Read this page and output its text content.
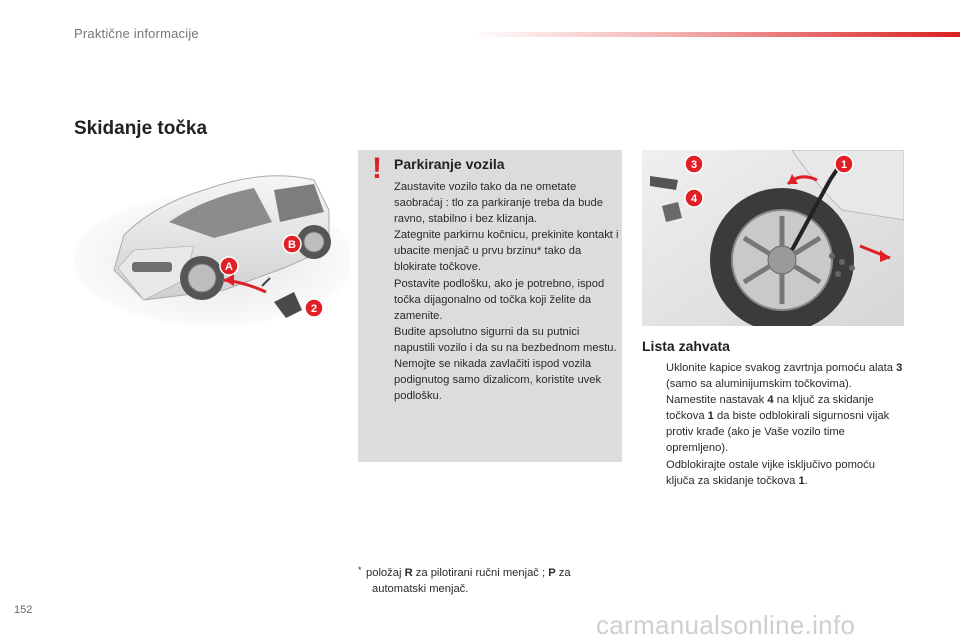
Praktične informacije
Skidanje točka
A
B
2
! Parkiranje vozila

Zaustavite vozilo tako da ne ometate saobraćaj : tlo za parkiranje treba da bude ravno, stabilno i bez klizanja.

Zategnite parkirnu kočnicu, prekinite kontakt i ubacite menjač u prvu brzinu* tako da blokirate točkove.

Postavite podlošku, ako je potrebno, ispod točka dijagonalno od točka koji želite da zamenite.

Budite apsolutno sigurni da su putnici napustili vozilo i da su na bezbednom mestu.

Nemojte se nikada zavlačiti ispod vozila podignutog samo dizalicom, koristite uvek podlošku.

3
4
1
Lista zahvata

Uklonite kapice svakog zavrtnja pomoću alata 3 (samo sa aluminijumskim točkovima).

Namestite nastavak 4 na ključ za skidanje točkova 1 da biste odblokirali sigurnosni vijak protiv krađe (ako je Vaše vozilo time opremljeno).

Odblokirajte ostale vijke isključivo pomoću ključa za skidanje točkova 1.

* položaj R za pilotirani ručni menjač ; P za
automatski menjač.
152	carmanualsonline.info
